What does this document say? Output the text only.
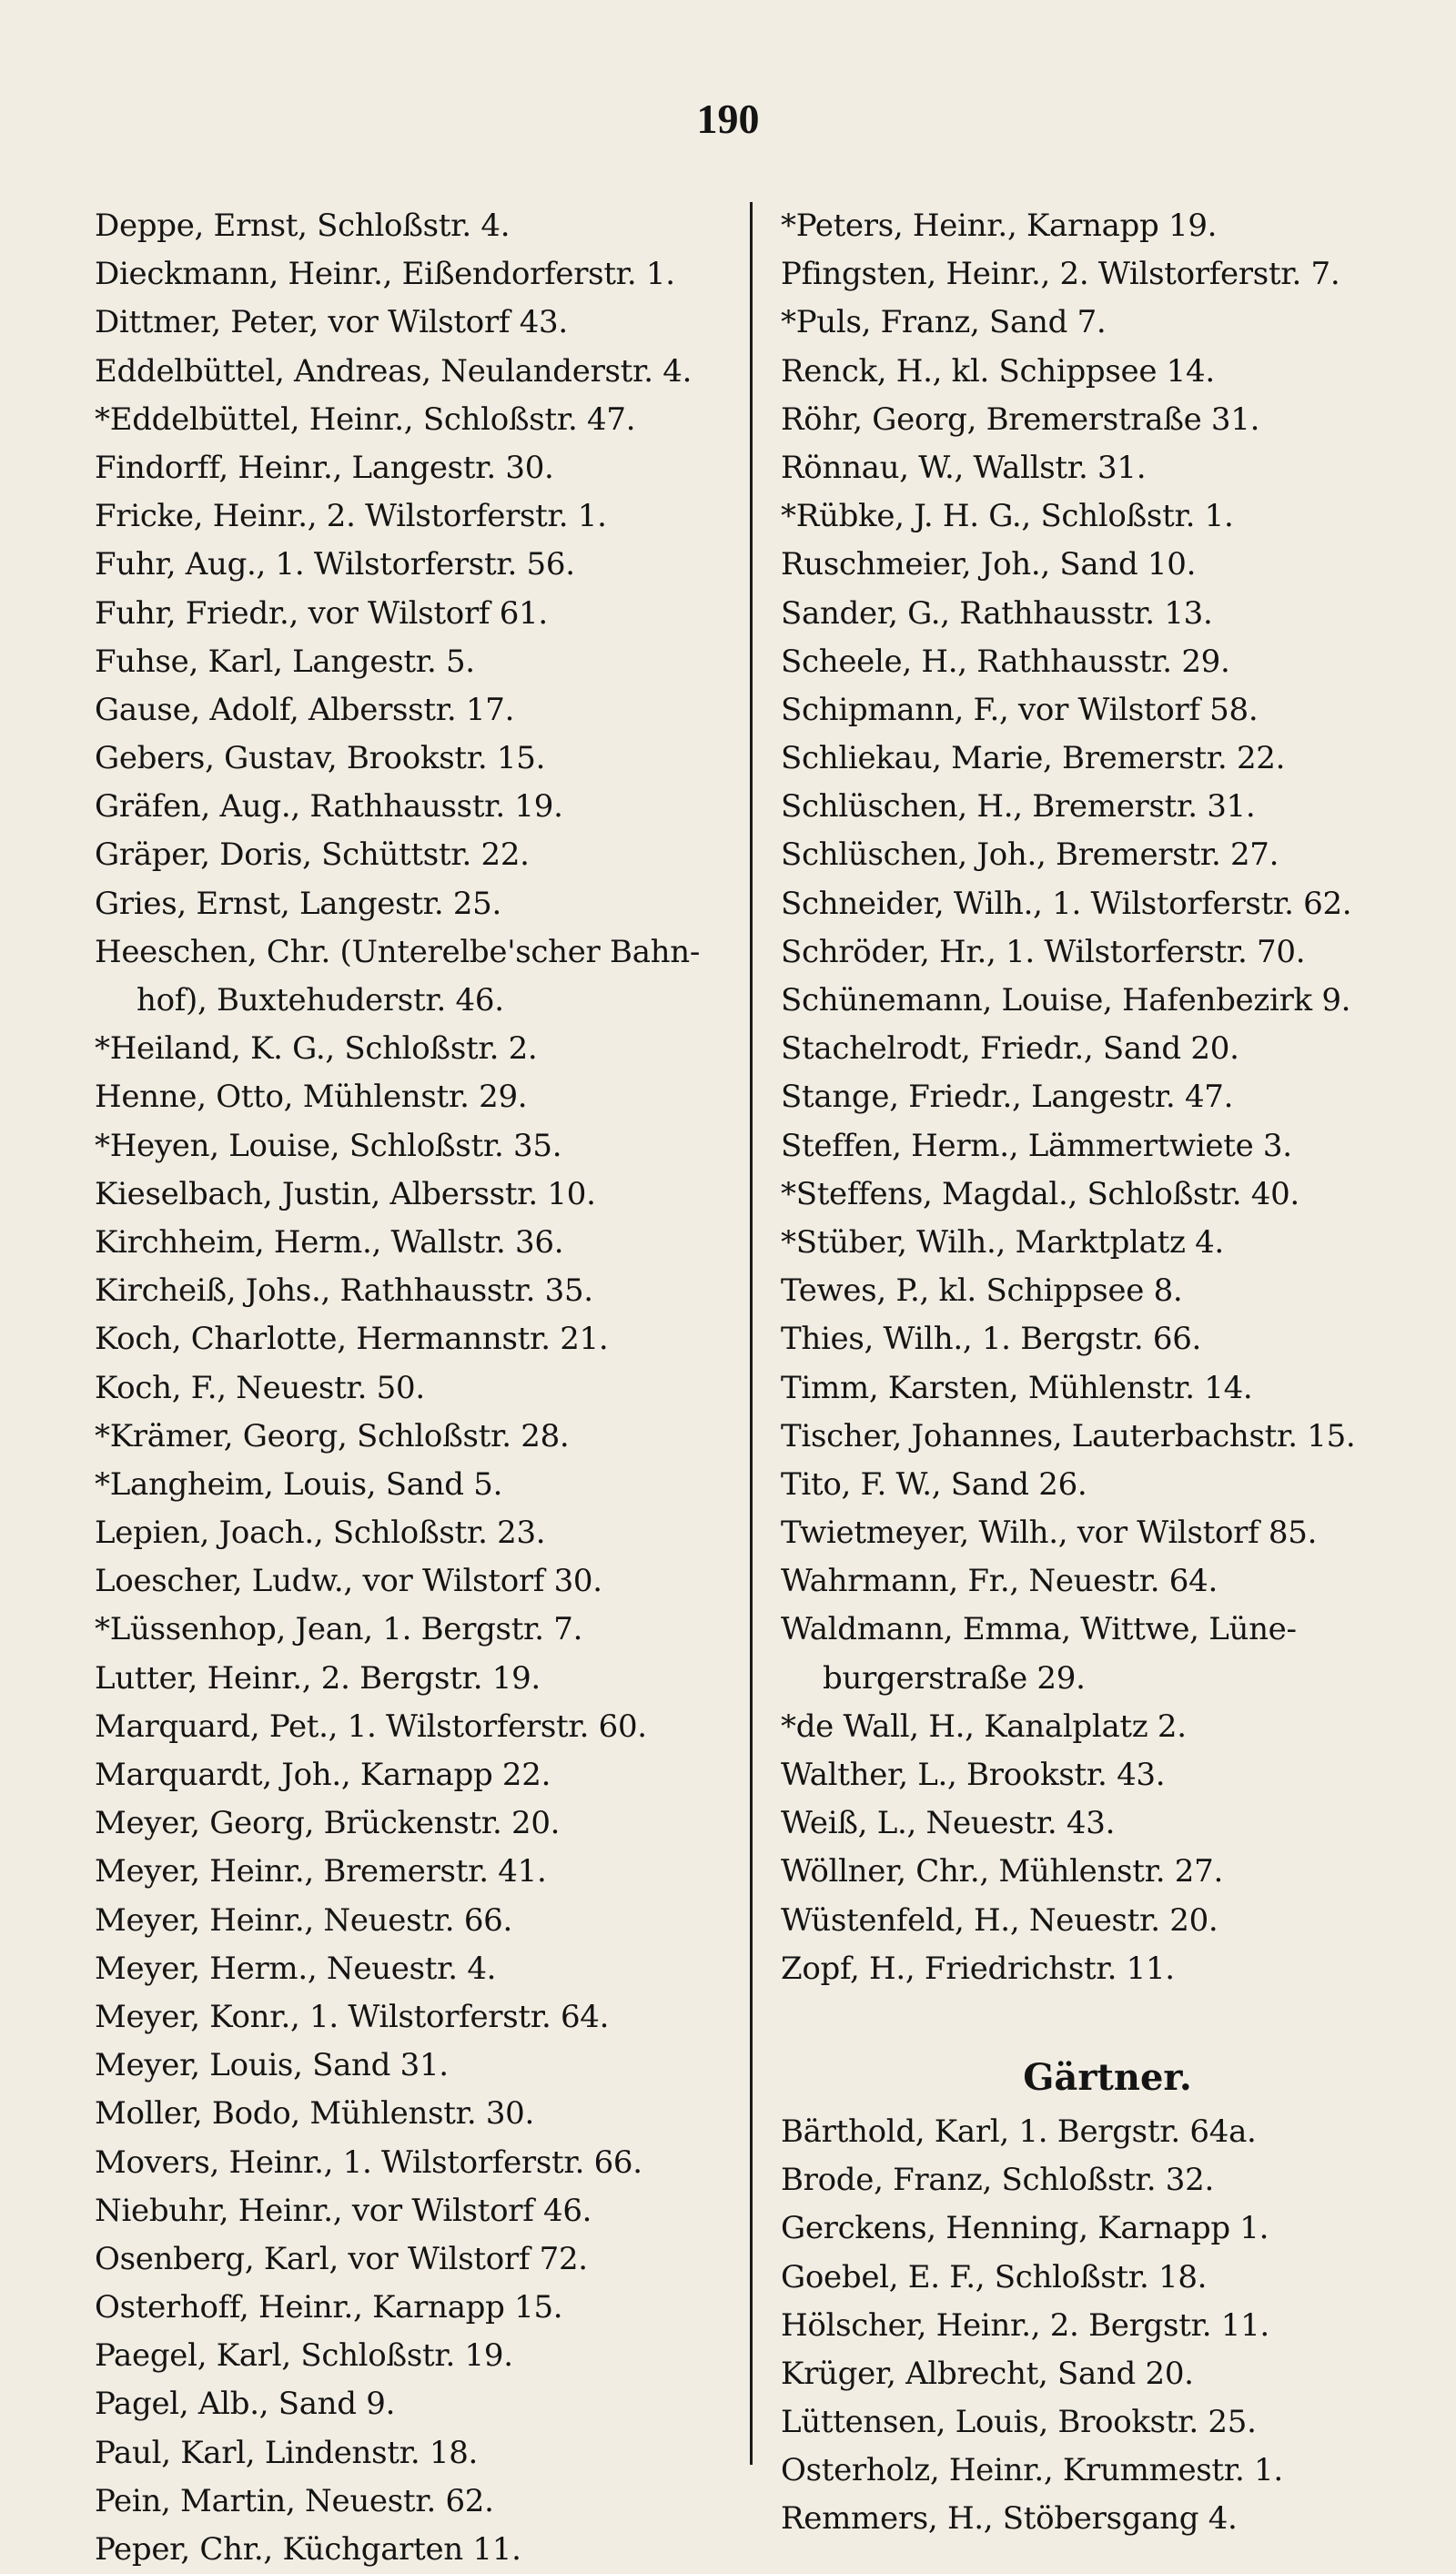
190
Deppe, Ernst, Schloßstr. 4.
Dieckmann, Heinr., Eißendorferstr. 1.
Dittmer, Peter, vor Wilstorf 43.
Eddelbüttel, Andreas, Neulanderstr. 4.
*Eddelbüttel, Heinr., Schloßstr. 47.
Findorff, Heinr., Langestr. 30.
Fricke, Heinr., 2. Wilstorferstr. 1.
Fuhr, Aug., 1. Wilstorferstr. 56.
Fuhr, Friedr., vor Wilstorf 61.
Fuhse, Karl, Langestr. 5.
Gause, Adolf, Albersstr. 17.
Gebers, Gustav, Brookstr. 15.
Gräfen, Aug., Rathhausstr. 19.
Gräper, Doris, Schüttstr. 22.
Gries, Ernst, Langestr. 25.
Heeschen, Chr. (Unterelbe'scher Bahn-
hof), Buxtehuderstr. 46.
*Heiland, K. G., Schloßstr. 2.
Henne, Otto, Mühlenstr. 29.
*Heyen, Louise, Schloßstr. 35.
Kieselbach, Justin, Albersstr. 10.
Kirchheim, Herm., Wallstr. 36.
Kircheiß, Johs., Rathhausstr. 35.
Koch, Charlotte, Hermannstr. 21.
Koch, F., Neuestr. 50.
*Krämer, Georg, Schloßstr. 28.
*Langheim, Louis, Sand 5.
Lepien, Joach., Schloßstr. 23.
Loescher, Ludw., vor Wilstorf 30.
*Lüssenhop, Jean, 1. Bergstr. 7.
Lutter, Heinr., 2. Bergstr. 19.
Marquard, Pet., 1. Wilstorferstr. 60.
Marquardt, Joh., Karnapp 22.
Meyer, Georg, Brückenstr. 20.
Meyer, Heinr., Bremerstr. 41.
Meyer, Heinr., Neuestr. 66.
Meyer, Herm., Neuestr. 4.
Meyer, Konr., 1. Wilstorferstr. 64.
Meyer, Louis, Sand 31.
Moller, Bodo, Mühlenstr. 30.
Movers, Heinr., 1. Wilstorferstr. 66.
Niebuhr, Heinr., vor Wilstorf 46.
Osenberg, Karl, vor Wilstorf 72.
Osterhoff, Heinr., Karnapp 15.
Paegel, Karl, Schloßstr. 19.
Pagel, Alb., Sand 9.
Paul, Karl, Lindenstr. 18.
Pein, Martin, Neuestr. 62.
Peper, Chr., Küchgarten 11.
*Peters, Heinr., Karnapp 19.
Pfingsten, Heinr., 2. Wilstorferstr. 7.
*Puls, Franz, Sand 7.
Renck, H., kl. Schippsee 14.
Röhr, Georg, Bremerstraße 31.
Rönnau, W., Wallstr. 31.
*Rübke, J. H. G., Schloßstr. 1.
Ruschmeier, Joh., Sand 10.
Sander, G., Rathhausstr. 13.
Scheele, H., Rathhausstr. 29.
Schipmann, F., vor Wilstorf 58.
Schliekau, Marie, Bremerstr. 22.
Schlüschen, H., Bremerstr. 31.
Schlüschen, Joh., Bremerstr. 27.
Schneider, Wilh., 1. Wilstorferstr. 62.
Schröder, Hr., 1. Wilstorferstr. 70.
Schünemann, Louise, Hafenbezirk 9.
Stachelrodt, Friedr., Sand 20.
Stange, Friedr., Langestr. 47.
Steffen, Herm., Lämmertwiete 3.
*Steffens, Magdal., Schloßstr. 40.
*Stüber, Wilh., Marktplatz 4.
Tewes, P., kl. Schippsee 8.
Thies, Wilh., 1. Bergstr. 66.
Timm, Karsten, Mühlenstr. 14.
Tischer, Johannes, Lauterbachstr. 15.
Tito, F. W., Sand 26.
Twietmeyer, Wilh., vor Wilstorf 85.
Wahrmann, Fr., Neuestr. 64.
Waldmann, Emma, Wittwe, Lüne-
burgerstraße 29.
*de Wall, H., Kanalplatz 2.
Walther, L., Brookstr. 43.
Weiß, L., Neuestr. 43.
Wöllner, Chr., Mühlenstr. 27.
Wüstenfeld, H., Neuestr. 20.
Zopf, H., Friedrichstr. 11.
Gärtner.
Bärthold, Karl, 1. Bergstr. 64a.
Brode, Franz, Schloßstr. 32.
Gerckens, Henning, Karnapp 1.
Goebel, E. F., Schloßstr. 18.
Hölscher, Heinr., 2. Bergstr. 11.
Krüger, Albrecht, Sand 20.
Lüttensen, Louis, Brookstr. 25.
Osterholz, Heinr., Krummestr. 1.
Remmers, H., Stöbersgang 4.
